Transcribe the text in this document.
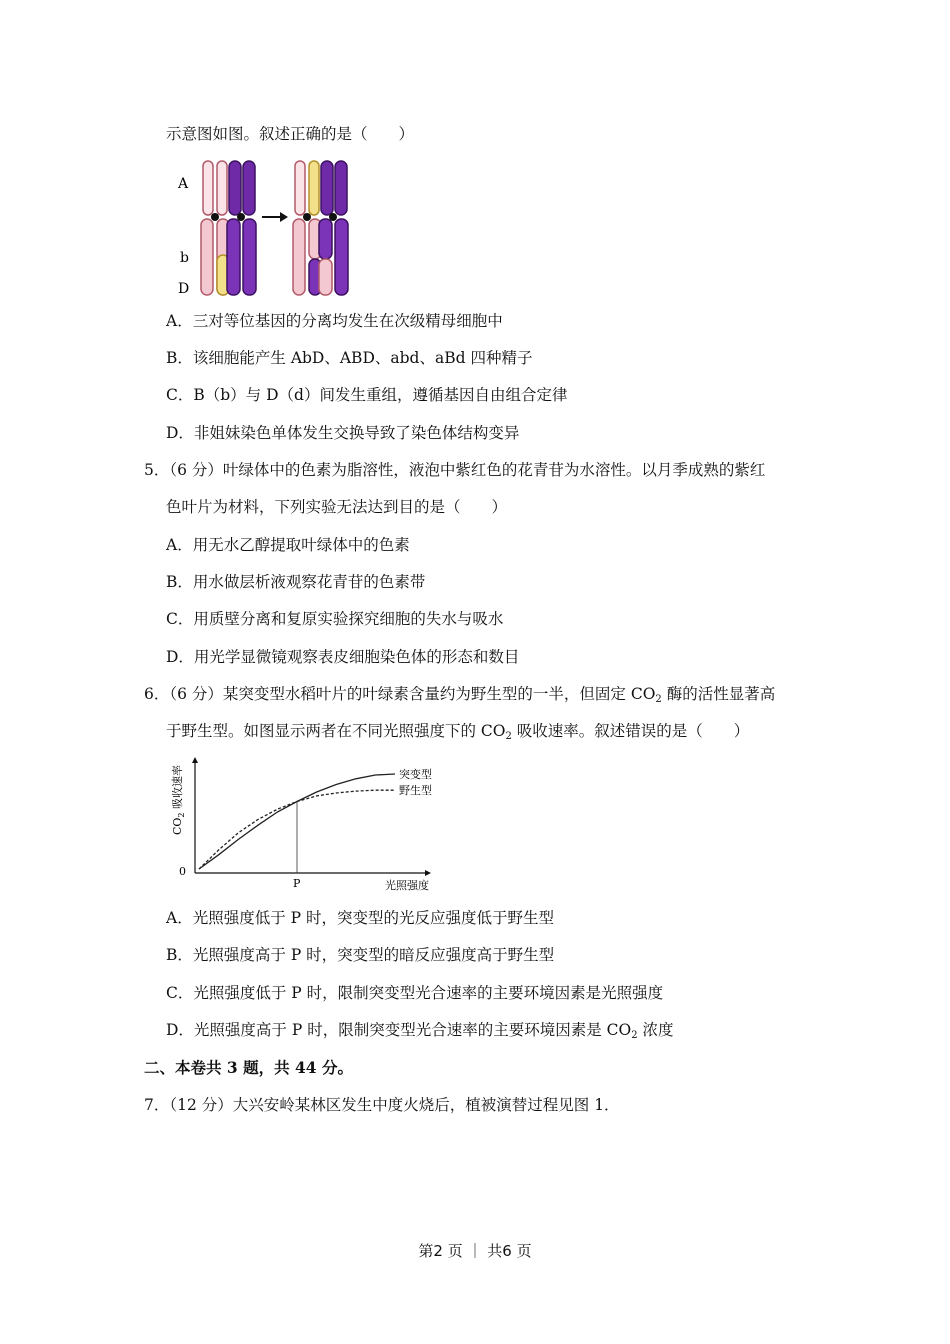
示意图如图。叙述正确的是（　　）
A
b
D
A．三对等位基因的分离均发生在次级精母细胞中
B．该细胞能产生 AbD、ABD、abd、aBd 四种精子
C．B（b）与 D（d）间发生重组，遵循基因自由组合定律
D．非姐妹染色单体发生交换导致了染色体结构变异
5．（6 分）叶绿体中的色素为脂溶性，液泡中紫红色的花青苷为水溶性。以月季成熟的紫红
色叶片为材料，下列实验无法达到目的是（　　）
A．用无水乙醇提取叶绿体中的色素
B．用水做层析液观察花青苷的色素带
C．用质壁分离和复原实验探究细胞的失水与吸水
D．用光学显微镜观察表皮细胞染色体的形态和数目
6．（6 分）某突变型水稻叶片的叶绿素含量约为野生型的一半，但固定 $CO_2$ 酶的活性显著高
于野生型。如图显示两者在不同光照强度下的 $CO_2$ 吸收速率。叙述错误的是（　　）
突变型
野生型
P
0
光照强度
$CO_2$ 吸收速率
A．光照强度低于 P 时，突变型的光反应强度低于野生型
B．光照强度高于 P 时，突变型的暗反应强度高于野生型
C．光照强度低于 P 时，限制突变型光合速率的主要环境因素是光照强度
D．光照强度高于 P 时，限制突变型光合速率的主要环境因素是 $CO_2$ 浓度
二、本卷共 3 题，共 44 分。
7．（12 分）大兴安岭某林区发生中度火烧后，植被演替过程见图 1．
第2 页 ｜ 共6 页
